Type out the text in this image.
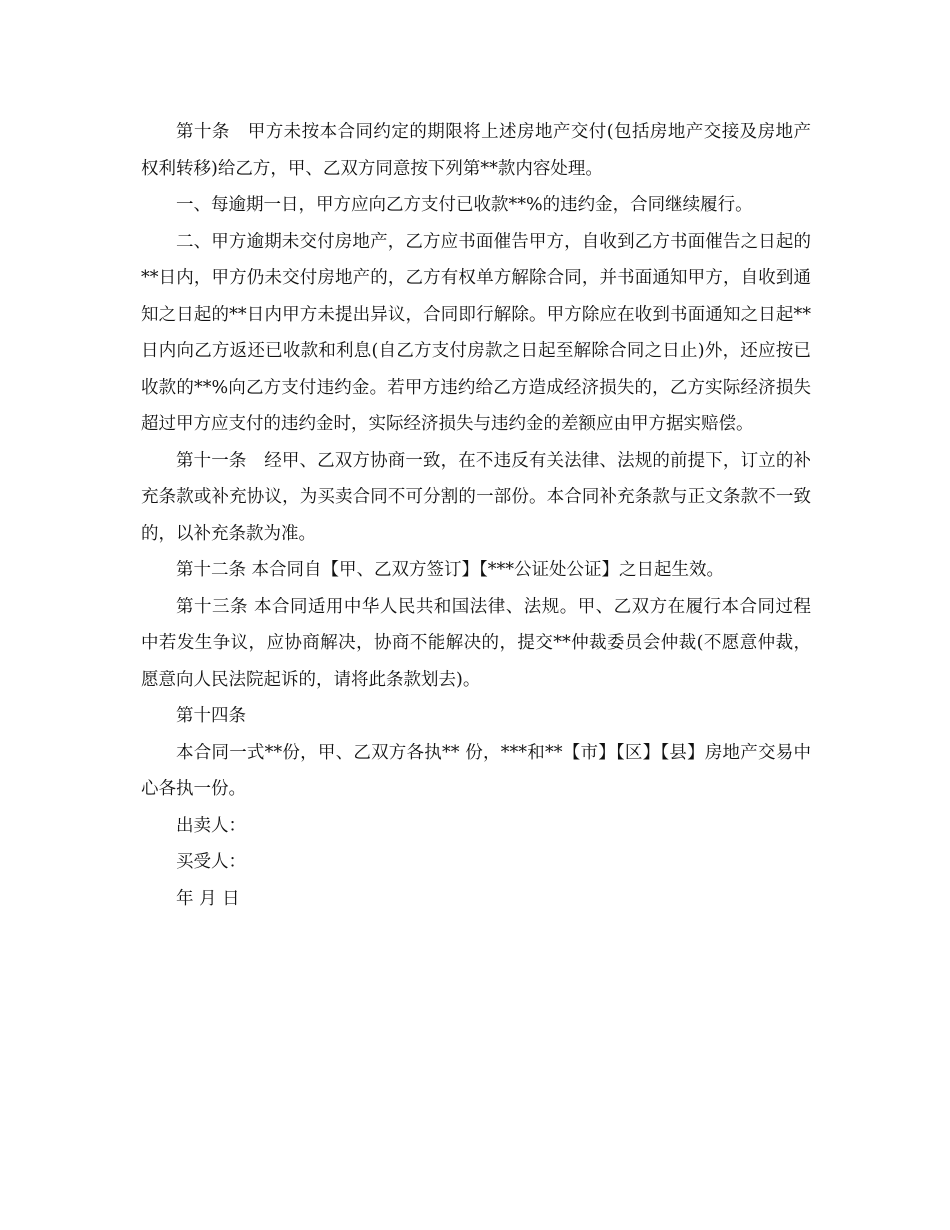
第十条　甲方未按本合同约定的期限将上述房地产交付(包括房地产交接及房地产权利转移)给乙方，甲、乙双方同意按下列第**款内容处理。

一、每逾期一日，甲方应向乙方支付已收款**%的违约金，合同继续履行。

二、甲方逾期未交付房地产，乙方应书面催告甲方，自收到乙方书面催告之日起的**日内，甲方仍未交付房地产的，乙方有权单方解除合同，并书面通知甲方，自收到通知之日起的**日内甲方未提出异议，合同即行解除。甲方除应在收到书面通知之日起**日内向乙方返还已收款和利息(自乙方支付房款之日起至解除合同之日止)外，还应按已收款的**%向乙方支付违约金。若甲方违约给乙方造成经济损失的，乙方实际经济损失超过甲方应支付的违约金时，实际经济损失与违约金的差额应由甲方据实赔偿。

第十一条　经甲、乙双方协商一致，在不违反有关法律、法规的前提下，订立的补充条款或补充协议，为买卖合同不可分割的一部份。本合同补充条款与正文条款不一致的，以补充条款为准。

第十二条 本合同自【甲、乙双方签订】【***公证处公证】之日起生效。

第十三条 本合同适用中华人民共和国法律、法规。甲、乙双方在履行本合同过程中若发生争议，应协商解决，协商不能解决的，提交**仲裁委员会仲裁(不愿意仲裁，愿意向人民法院起诉的，请将此条款划去)。

第十四条

本合同一式**份，甲、乙双方各执** 份，***和**【市】【区】【县】房地产交易中心各执一份。

出卖人：

买受人：

年 月 日
